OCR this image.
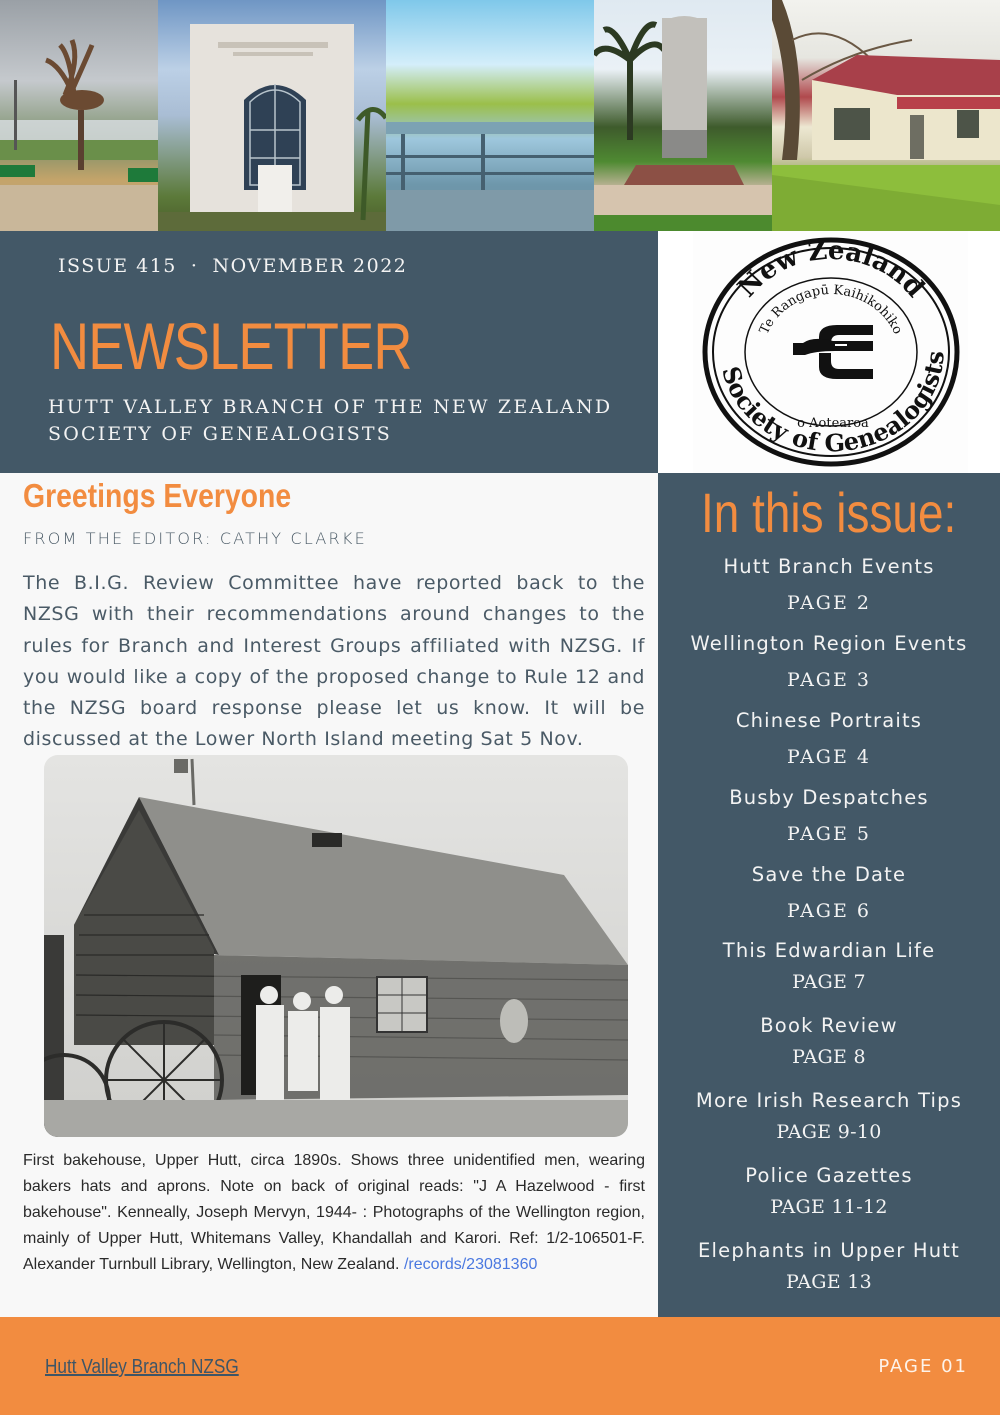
ISSUE 415 · NOVEMBER 2022
NEWSLETTER
HUTT VALLEY BRANCH OF THE NEW ZEALAND
SOCIETY OF GENEALOGISTS
New Zealand
Te Rangapū Kaihikohiko
Society of Genealogists
o Aotearoa
Greetings Everyone
FROM THE EDITOR: CATHY CLARKE

The B.I.G. Review Committee have reported back to the NZSG with their recommendations around changes to the rules for Branch and Interest Groups affiliated with NZSG. If you would like a copy of the proposed change to Rule 12 and the NZSG board response please let us know. It will be discussed at the Lower North Island meeting Sat 5 Nov.

First bakehouse, Upper Hutt, circa 1890s. Shows three unidentified men, wearing bakers hats and aprons. Note on back of original reads: "J A Hazelwood - first bakehouse". Kenneally, Joseph Mervyn, 1944- : Photographs of the Wellington region, mainly of Upper Hutt, Whitemans Valley, Khandallah and Karori. Ref: 1/2-106501-F. Alexander Turnbull Library, Wellington, New Zealand. /records/23081360

In this issue:
Hutt Branch Events
PAGE 2
Wellington Region Events
PAGE 3
Chinese Portraits
PAGE 4
Busby Despatches
PAGE 5
Save the Date
PAGE 6
This Edwardian Life
PAGE 7
Book Review
PAGE 8
More Irish Research Tips
PAGE 9-10
Police Gazettes
PAGE 11-12
Elephants in Upper Hutt
PAGE 13
Hutt Valley Branch NZSG	PAGE 01
